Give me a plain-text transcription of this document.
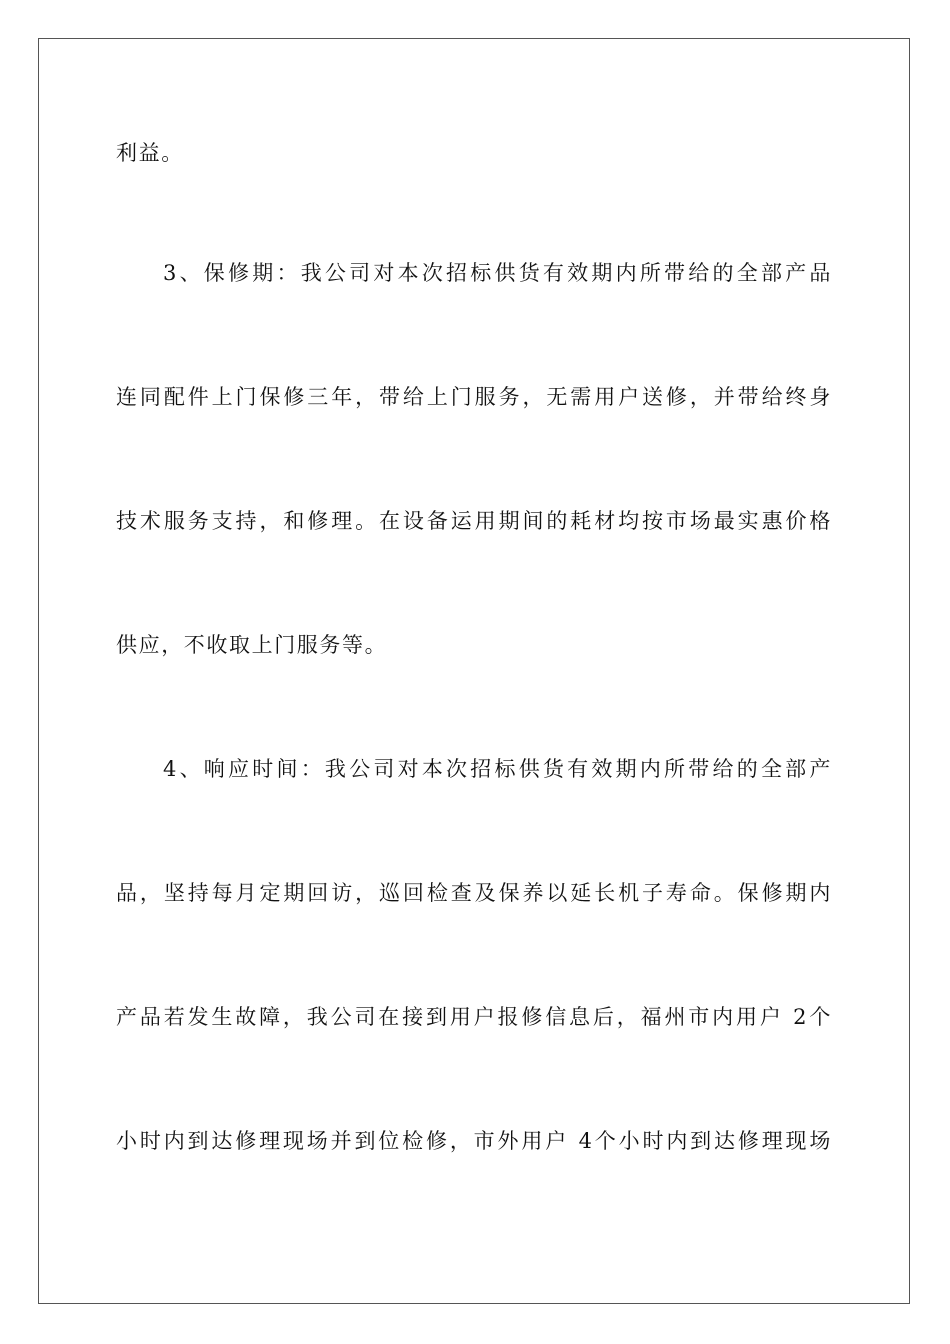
利益。
3、保修期：我公司对本次招标供货有效期内所带给的全部产品
连同配件上门保修三年，带给上门服务，无需用户送修，并带给终身
技术服务支持，和修理。在设备运用期间的耗材均按市场最实惠价格
供应，不收取上门服务等。
4、响应时间：我公司对本次招标供货有效期内所带给的全部产
品，坚持每月定期回访，巡回检查及保养以延长机子寿命。保修期内
产品若发生故障，我公司在接到用户报修信息后，福州市内用户 2个
小时内到达修理现场并到位检修，市外用户 4个小时内到达修理现场
